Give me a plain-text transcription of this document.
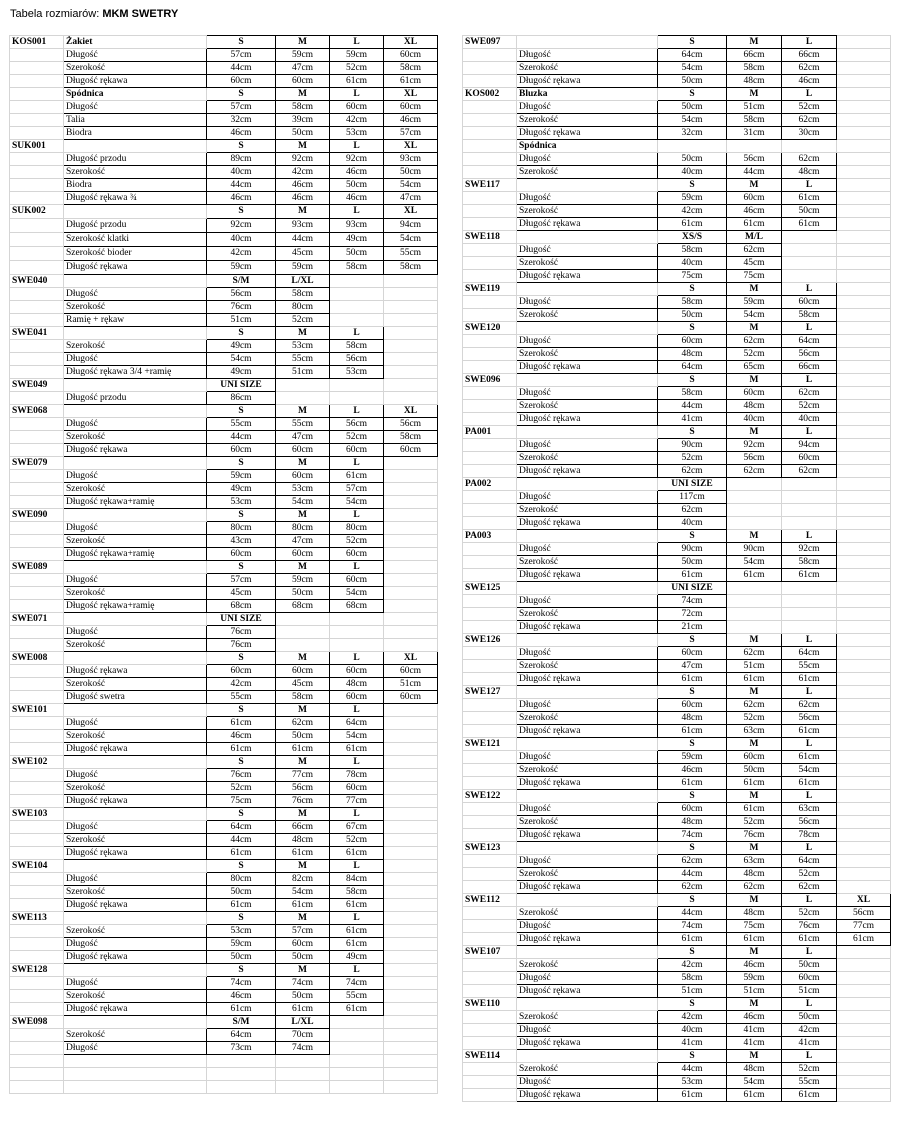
Tabela rozmiarów: MKM SWETRY
KOS001	Żakiet	S	M	L	XL
	Długość	57cm	59cm	59cm	60cm
	Szerokość	44cm	47cm	52cm	58cm
	Długość rękawa	60cm	60cm	61cm	61cm
	Spódnica	S	M	L	XL
	Długość	57cm	58cm	60cm	60cm
	Talia	32cm	39cm	42cm	46cm
	Biodra	46cm	50cm	53cm	57cm
SUK001		S	M	L	XL
	Długość przodu	89cm	92cm	92cm	93cm
	Szerokość	40cm	42cm	46cm	50cm
	Biodra	44cm	46cm	50cm	54cm
	Długość rękawa ¾	46cm	46cm	46cm	47cm
SUK002		S	M	L	XL
	Długość przodu	92cm	93cm	93cm	94cm
	Szerokość klatki	40cm	44cm	49cm	54cm
	Szerokość bioder	42cm	45cm	50cm	55cm
	Długość rękawa	59cm	59cm	58cm	58cm
SWE040		S/M	L/XL		
	Długość	56cm	58cm		
	Szerokość	76cm	80cm		
	Ramię + rękaw	51cm	52cm		
SWE041		S	M	L	
	Szerokość	49cm	53cm	58cm	
	Długość	54cm	55cm	56cm	
	Długość rękawa 3/4 +ramię	49cm	51cm	53cm	
SWE049		UNI SIZE			
	Długość przodu	86cm			
SWE068		S	M	L	XL
	Długość	55cm	55cm	56cm	56cm
	Szerokość	44cm	47cm	52cm	58cm
	Długość rękawa	60cm	60cm	60cm	60cm
SWE079		S	M	L	
	Długość	59cm	60cm	61cm	
	Szerokość	49cm	53cm	57cm	
	Długość rękawa+ramię	53cm	54cm	54cm	
SWE090		S	M	L	
	Długość	80cm	80cm	80cm	
	Szerokość	43cm	47cm	52cm	
	Długość rękawa+ramię	60cm	60cm	60cm	
SWE089		S	M	L	
	Długość	57cm	59cm	60cm	
	Szerokość	45cm	50cm	54cm	
	Długość rękawa+ramię	68cm	68cm	68cm	
SWE071		UNI SIZE			
	Długość	76cm			
	Szerokość	76cm			
SWE008		S	M	L	XL
	Długość rękawa	60cm	60cm	60cm	60cm
	Szerokość	42cm	45cm	48cm	51cm
	Długość swetra	55cm	58cm	60cm	60cm
SWE101		S	M	L	
	Długość	61cm	62cm	64cm	
	Szerokość	46cm	50cm	54cm	
	Długość rękawa	61cm	61cm	61cm	
SWE102		S	M	L	
	Długość	76cm	77cm	78cm	
	Szerokość	52cm	56cm	60cm	
	Długość rękawa	75cm	76cm	77cm	
SWE103		S	M	L	
	Długość	64cm	66cm	67cm	
	Szerokość	44cm	48cm	52cm	
	Długość rękawa	61cm	61cm	61cm	
SWE104		S	M	L	
	Długość	80cm	82cm	84cm	
	Szerokość	50cm	54cm	58cm	
	Długość rękawa	61cm	61cm	61cm	
SWE113		S	M	L	
	Szerokość	53cm	57cm	61cm	
	Długość	59cm	60cm	61cm	
	Długość rękawa	50cm	50cm	49cm	
SWE128		S	M	L	
	Długość	74cm	74cm	74cm	
	Szerokość	46cm	50cm	55cm	
	Długość rękawa	61cm	61cm	61cm	
SWE098		S/M	L/XL		
	Szerokość	64cm	70cm		
	Długość	73cm	74cm		

SWE097		S	M	L	
	Długość	64cm	66cm	66cm	
	Szerokość	54cm	58cm	62cm	
	Długość rękawa	50cm	48cm	46cm	
KOS002	Bluzka	S	M	L	
	Długość	50cm	51cm	52cm	
	Szerokość	54cm	58cm	62cm	
	Długość rękawa	32cm	31cm	30cm	
	Spódnica				
	Długość	50cm	56cm	62cm	
	Szerokość	40cm	44cm	48cm	
SWE117		S	M	L	
	Długość	59cm	60cm	61cm	
	Szerokość	42cm	46cm	50cm	
	Długość rękawa	61cm	61cm	61cm	
SWE118		XS/S	M/L		
	Długość	58cm	62cm		
	Szerokość	40cm	45cm		
	Długość rękawa	75cm	75cm		
SWE119		S	M	L	
	Długość	58cm	59cm	60cm	
	Szerokość	50cm	54cm	58cm	
SWE120		S	M	L	
	Długość	60cm	62cm	64cm	
	Szerokość	48cm	52cm	56cm	
	Długość rękawa	64cm	65cm	66cm	
SWE096		S	M	L	
	Długość	58cm	60cm	62cm	
	Szerokość	44cm	48cm	52cm	
	Długość rękawa	41cm	40cm	40cm	
PA001		S	M	L	
	Długość	90cm	92cm	94cm	
	Szerokość	52cm	56cm	60cm	
	Długość rękawa	62cm	62cm	62cm	
PA002		UNI SIZE			
	Długość	117cm			
	Szerokość	62cm			
	Długość rękawa	40cm			
PA003		S	M	L	
	Długość	90cm	90cm	92cm	
	Szerokość	50cm	54cm	58cm	
	Długość rękawa	61cm	61cm	61cm	
SWE125		UNI SIZE			
	Długość	74cm			
	Szerokość	72cm			
	Długość rękawa	21cm			
SWE126		S	M	L	
	Długość	60cm	62cm	64cm	
	Szerokość	47cm	51cm	55cm	
	Długość rękawa	61cm	61cm	61cm	
SWE127		S	M	L	
	Długość	60cm	62cm	62cm	
	Szerokość	48cm	52cm	56cm	
	Długość rękawa	61cm	63cm	61cm	
SWE121		S	M	L	
	Długość	59cm	60cm	61cm	
	Szerokość	46cm	50cm	54cm	
	Długość rękawa	61cm	61cm	61cm	
SWE122		S	M	L	
	Długość	60cm	61cm	63cm	
	Szerokość	48cm	52cm	56cm	
	Długość rękawa	74cm	76cm	78cm	
SWE123		S	M	L	
	Długość	62cm	63cm	64cm	
	Szerokość	44cm	48cm	52cm	
	Długość rękawa	62cm	62cm	62cm	
SWE112		S	M	L	XL
	Szerokość	44cm	48cm	52cm	56cm
	Długość	74cm	75cm	76cm	77cm
	Długość rękawa	61cm	61cm	61cm	61cm
SWE107		S	M	L	
	Szerokość	42cm	46cm	50cm	
	Długość	58cm	59cm	60cm	
	Długość rękawa	51cm	51cm	51cm	
SWE110		S	M	L	
	Szerokość	42cm	46cm	50cm	
	Długość	40cm	41cm	42cm	
	Długość rękawa	41cm	41cm	41cm	
SWE114		S	M	L	
	Szerokość	44cm	48cm	52cm	
	Długość	53cm	54cm	55cm	
	Długość rękawa	61cm	61cm	61cm	
